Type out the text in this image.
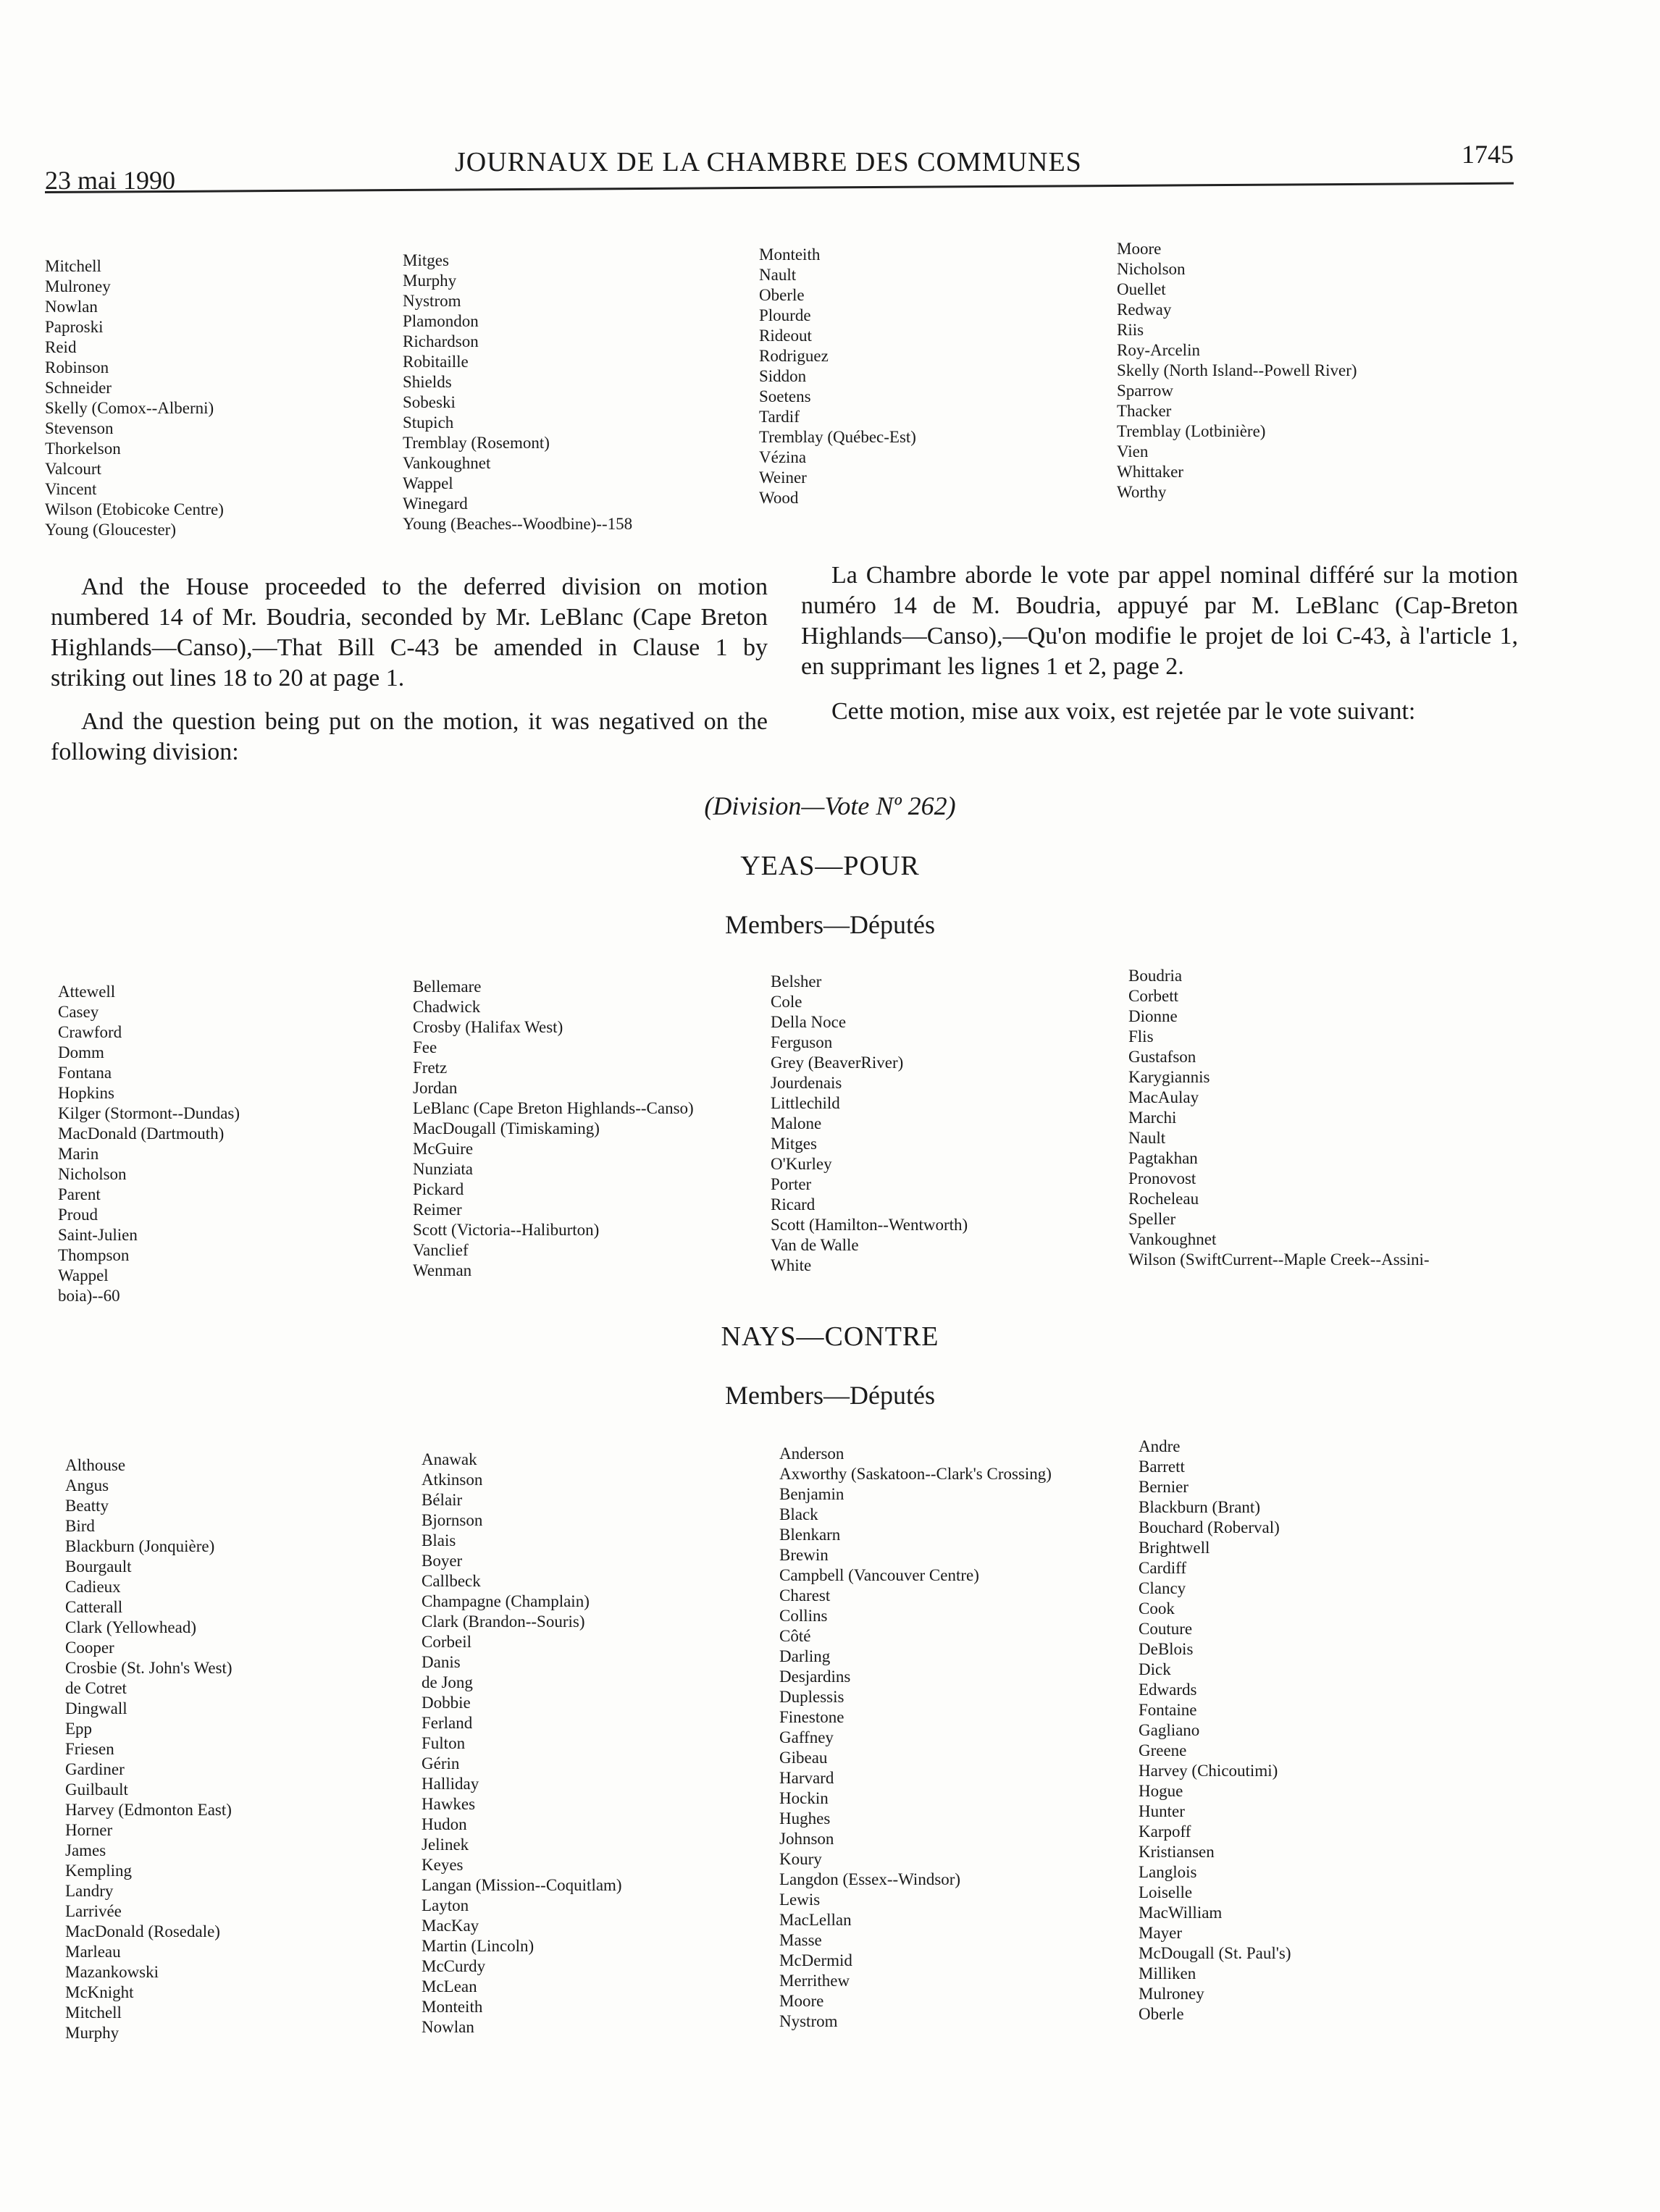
23 mai 1990
JOURNAUX DE LA CHAMBRE DES COMMUNES	1745
Mitchell
Mulroney
Nowlan
Paproski
Reid
Robinson
Schneider
Skelly (Comox--Alberni)
Stevenson
Thorkelson
Valcourt
Vincent
Wilson (Etobicoke Centre)
Young (Gloucester)
Mitges
Murphy
Nystrom
Plamondon
Richardson
Robitaille
Shields
Sobeski
Stupich
Tremblay (Rosemont)
Vankoughnet
Wappel
Winegard
Young (Beaches--Woodbine)--158
Monteith
Nault
Oberle
Plourde
Rideout
Rodriguez
Siddon
Soetens
Tardif
Tremblay (Québec-Est)
Vézina
Weiner
Wood
Moore
Nicholson
Ouellet
Redway
Riis
Roy-Arcelin
Skelly (North Island--Powell River)
Sparrow
Thacker
Tremblay (Lotbinière)
Vien
Whittaker
Worthy

And the House proceeded to the deferred division on motion numbered 14 of Mr. Boudria, seconded by Mr. LeBlanc (Cape Breton Highlands—Canso),—That Bill C-43 be amended in Clause 1 by striking out lines 18 to 20 at page 1.

And the question being put on the motion, it was negatived on the following division:

La Chambre aborde le vote par appel nominal différé sur la motion numéro 14 de M. Boudria, appuyé par M. LeBlanc (Cap-Breton Highlands—Canso),—Qu'on modifie le projet de loi C-43, à l'article 1, en supprimant les lignes 1 et 2, page 2.

Cette motion, mise aux voix, est rejetée par le vote suivant:

(Division—Vote Nº 262)

YEAS—POUR

Members—Députés

Attewell
Casey
Crawford
Domm
Fontana
Hopkins
Kilger (Stormont--Dundas)
MacDonald (Dartmouth)
Marin
Nicholson
Parent
Proud
Saint-Julien
Thompson
Wappel
boia)--60
Bellemare
Chadwick
Crosby (Halifax West)
Fee
Fretz
Jordan
LeBlanc (Cape Breton Highlands--Canso)
MacDougall (Timiskaming)
McGuire
Nunziata
Pickard
Reimer
Scott (Victoria--Haliburton)
Vanclief
Wenman
Belsher
Cole
Della Noce
Ferguson
Grey (BeaverRiver)
Jourdenais
Littlechild
Malone
Mitges
O'Kurley
Porter
Ricard
Scott (Hamilton--Wentworth)
Van de Walle
White
Boudria
Corbett
Dionne
Flis
Gustafson
Karygiannis
MacAulay
Marchi
Nault
Pagtakhan
Pronovost
Rocheleau
Speller
Vankoughnet
Wilson (SwiftCurrent--Maple Creek--Assini-

NAYS—CONTRE

Members—Députés

Althouse
Angus
Beatty
Bird
Blackburn (Jonquière)
Bourgault
Cadieux
Catterall
Clark (Yellowhead)
Cooper
Crosbie (St. John's West)
de Cotret
Dingwall
Epp
Friesen
Gardiner
Guilbault
Harvey (Edmonton East)
Horner
James
Kempling
Landry
Larrivée
MacDonald (Rosedale)
Marleau
Mazankowski
McKnight
Mitchell
Murphy
Anawak
Atkinson
Bélair
Bjornson
Blais
Boyer
Callbeck
Champagne (Champlain)
Clark (Brandon--Souris)
Corbeil
Danis
de Jong
Dobbie
Ferland
Fulton
Gérin
Halliday
Hawkes
Hudon
Jelinek
Keyes
Langan (Mission--Coquitlam)
Layton
MacKay
Martin (Lincoln)
McCurdy
McLean
Monteith
Nowlan
Anderson
Axworthy (Saskatoon--Clark's Crossing)
Benjamin
Black
Blenkarn
Brewin
Campbell (Vancouver Centre)
Charest
Collins
Côté
Darling
Desjardins
Duplessis
Finestone
Gaffney
Gibeau
Harvard
Hockin
Hughes
Johnson
Koury
Langdon (Essex--Windsor)
Lewis
MacLellan
Masse
McDermid
Merrithew
Moore
Nystrom
Andre
Barrett
Bernier
Blackburn (Brant)
Bouchard (Roberval)
Brightwell
Cardiff
Clancy
Cook
Couture
DeBlois
Dick
Edwards
Fontaine
Gagliano
Greene
Harvey (Chicoutimi)
Hogue
Hunter
Karpoff
Kristiansen
Langlois
Loiselle
MacWilliam
Mayer
McDougall (St. Paul's)
Milliken
Mulroney
Oberle
